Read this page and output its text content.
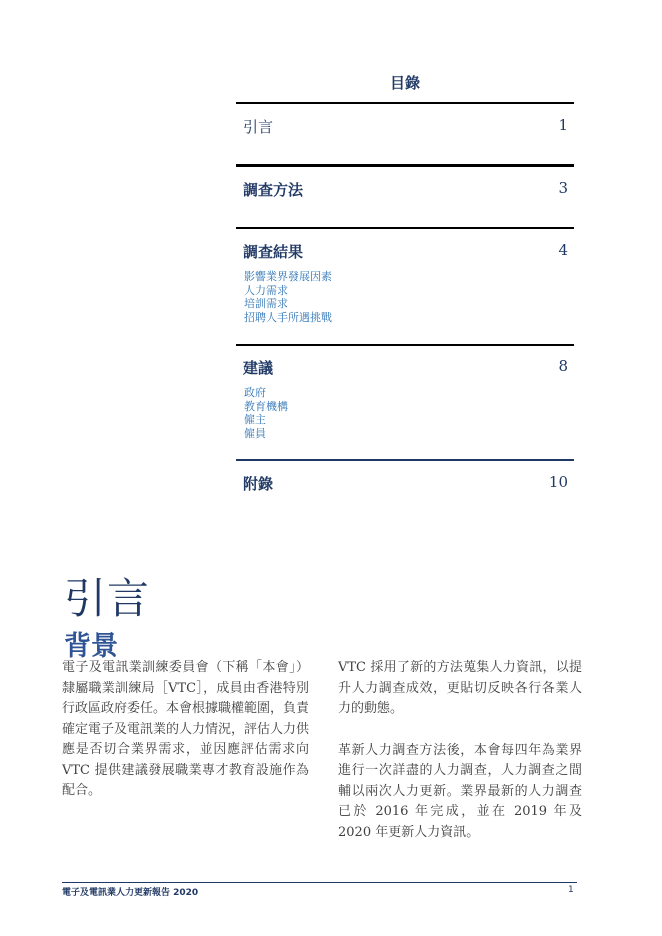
目錄
引言	1
調查方法	3
調查結果	4
影響業界發展因素
人力需求
培訓需求
招聘人手所遇挑戰
建議	8
政府
教育機構
僱主
僱員
附錄	10
引言
背景

電子及電訊業訓練委員會（下稱「本會」）隸屬職業訓練局［VTC］，成員由香港特別行政區政府委任。本會根據職權範圍，負責確定電子及電訊業的人力情況，評估人力供應是否切合業界需求，並因應評估需求向 VTC 提供建議發展職業專才教育設施作為配合。

VTC 採用了新的方法蒐集人力資訊，以提升人力調查成效，更貼切反映各行各業人力的動態。

革新人力調查方法後，本會每四年為業界進行一次詳盡的人力調查，人力調查之間輔以兩次人力更新。業界最新的人力調查已於 2016 年完成，並在 2019 年及 2020 年更新人力資訊。

電子及電訊業人力更新報告 2020	1
